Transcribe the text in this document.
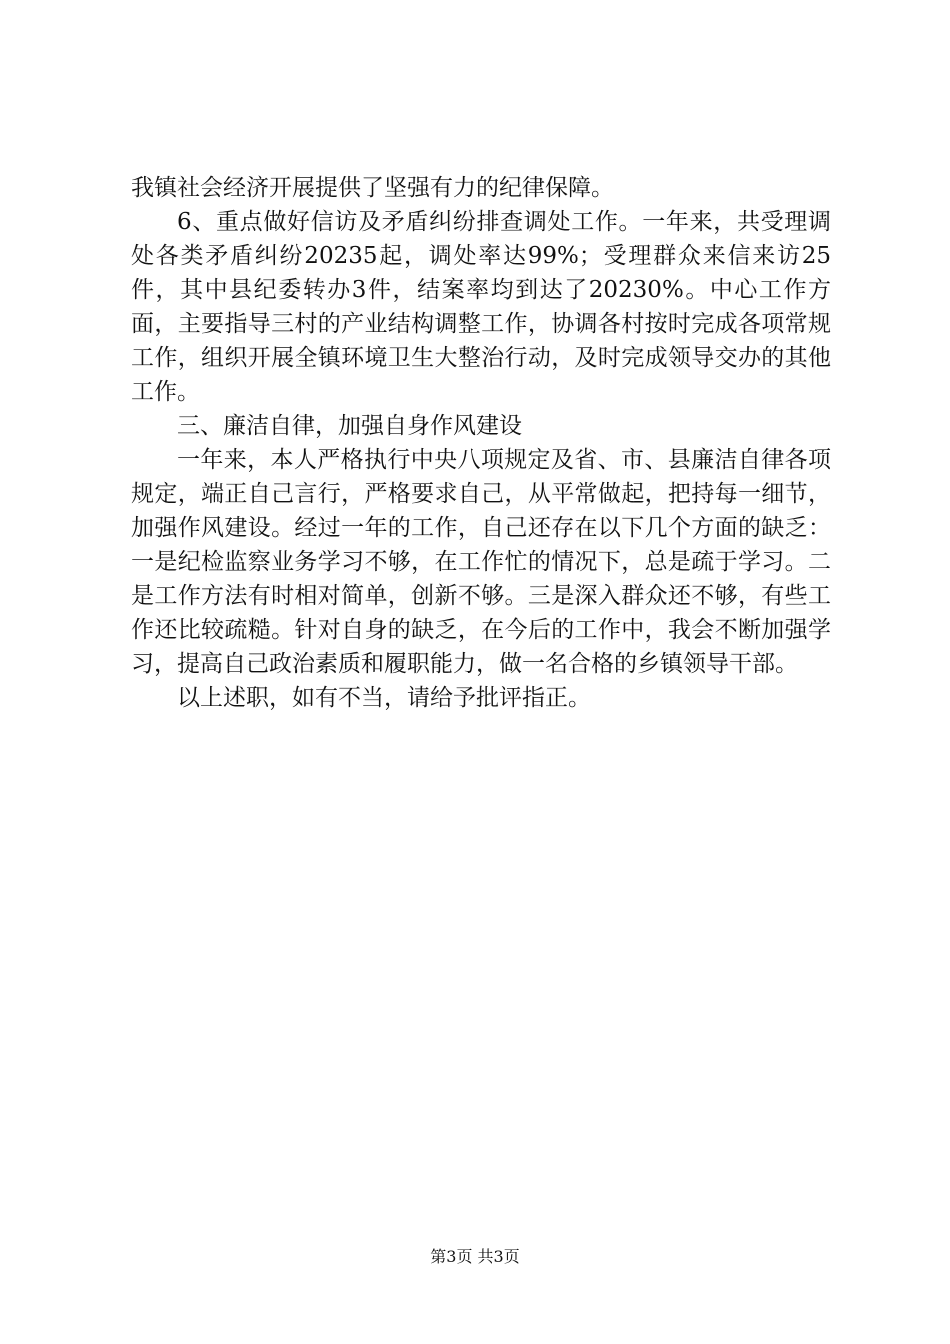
我镇社会经济开展提供了坚强有力的纪律保障。

6、重点做好信访及矛盾纠纷排查调处工作。一年来，共受理调处各类矛盾纠纷20235起，调处率达99%；受理群众来信来访25件，其中县纪委转办3件，结案率均到达了20230%。中心工作方面，主要指导三村的产业结构调整工作，协调各村按时完成各项常规工作，组织开展全镇环境卫生大整治行动，及时完成领导交办的其他工作。

三、廉洁自律，加强自身作风建设

一年来，本人严格执行中央八项规定及省、市、县廉洁自律各项规定，端正自己言行，严格要求自己，从平常做起，把持每一细节，加强作风建设。经过一年的工作，自己还存在以下几个方面的缺乏：一是纪检监察业务学习不够，在工作忙的情况下，总是疏于学习。二是工作方法有时相对简单，创新不够。三是深入群众还不够，有些工作还比较疏糙。针对自身的缺乏，在今后的工作中，我会不断加强学习，提高自己政治素质和履职能力，做一名合格的乡镇领导干部。

以上述职，如有不当，请给予批评指正。

第3页 共3页
